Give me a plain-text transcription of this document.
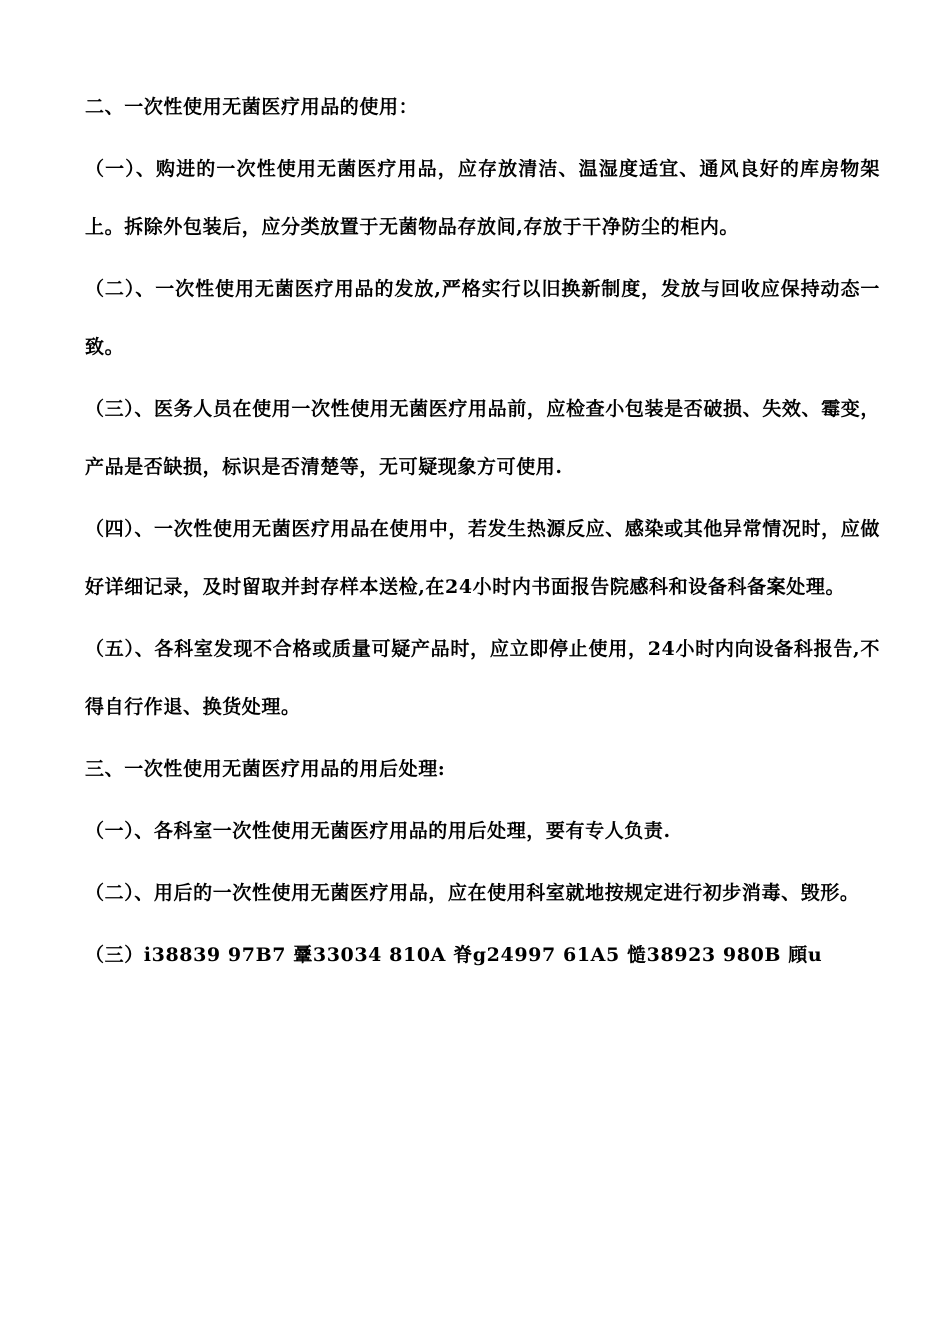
二、一次性使用无菌医疗用品的使用：

（一）、购进的一次性使用无菌医疗用品，应存放清洁、温湿度适宜、通风良好的库房物架上。拆除外包装后，应分类放置于无菌物品存放间,存放于干净防尘的柜内。

（二）、一次性使用无菌医疗用品的发放,严格实行以旧换新制度，发放与回收应保持动态一致。

（三）、医务人员在使用一次性使用无菌医疗用品前，应检查小包装是否破损、失效、霉变，产品是否缺损，标识是否清楚等，无可疑现象方可使用.

（四）、一次性使用无菌医疗用品在使用中，若发生热源反应、感染或其他异常情况时，应做好详细记录，及时留取并封存样本送检,在24小时内书面报告院感科和设备科备案处理。

（五）、各科室发现不合格或质量可疑产品时，应立即停止使用，24小时内向设备科报告,不得自行作退、换货处理。

三、一次性使用无菌医疗用品的用后处理:

（一）、各科室一次性使用无菌医疗用品的用后处理，要有专人负责.

（二）、用后的一次性使用无菌医疗用品，应在使用科室就地按规定进行初步消毒、毁形。

（三）i38839 97B7 鞷33034 810A 脊g24997 61A5 慥38923 980B 頋u
